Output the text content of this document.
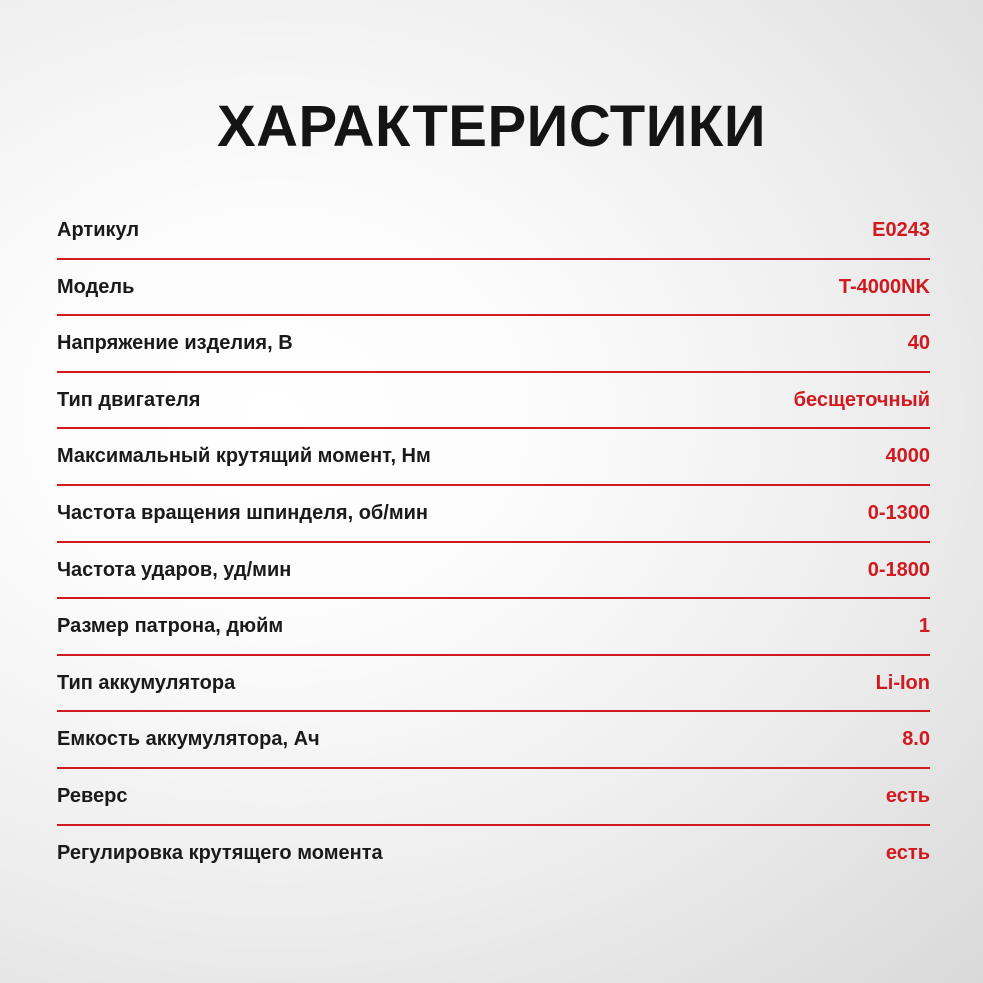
ХАРАКТЕРИСТИКИ
Артикул	E0243
Модель	T-4000NK
Напряжение изделия, В	40
Тип двигателя	бесщеточный
Максимальный крутящий момент, Нм	4000
Частота вращения шпинделя, об/мин	0-1300
Частота ударов, уд/мин	0-1800
Размер патрона, дюйм	1
Тип аккумулятора	Li-Ion
Емкость аккумулятора, Ач	8.0
Реверс	есть
Регулировка крутящего момента	есть
